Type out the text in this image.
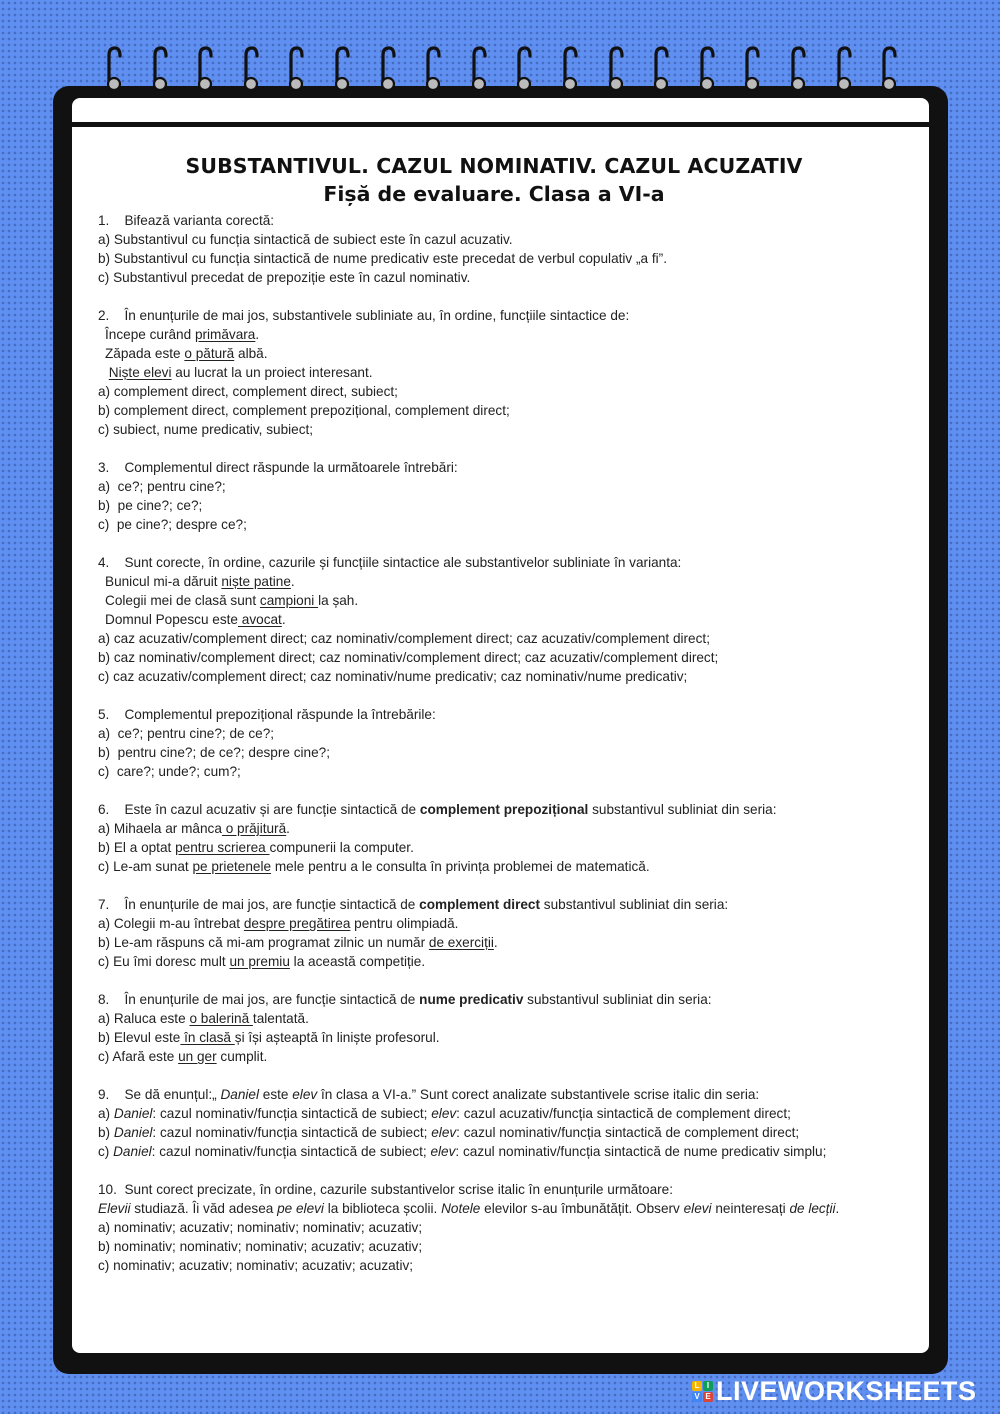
SUBSTANTIVUL. CAZUL NOMINATIV. CAZUL ACUZATIV
Fișă de evaluare. Clasa a VI-a
1.    Bifează varianta corectă:
a) Substantivul cu funcția sintactică de subiect este în cazul acuzativ.
b) Substantivul cu funcția sintactică de nume predicativ este precedat de verbul copulativ „a fi”.
c) Substantivul precedat de prepoziție este în cazul nominativ.
2.    În enunțurile de mai jos, substantivele subliniate au, în ordine, funcțiile sintactice de:
Începe curând primăvara.
Zăpada este o pătură albă.
Niște elevi au lucrat la un proiect interesant.
a) complement direct, complement direct, subiect;
b) complement direct, complement prepozițional, complement direct;
c) subiect, nume predicativ, subiect;
3.    Complementul direct răspunde la următoarele întrebări:
a)  ce?; pentru cine?;
b)  pe cine?; ce?;
c)  pe cine?; despre ce?;
4.    Sunt corecte, în ordine, cazurile și funcțiile sintactice ale substantivelor subliniate în varianta:
Bunicul mi-a dăruit niște patine.
Colegii mei de clasă sunt campioni la șah.
Domnul Popescu este avocat.
a) caz acuzativ/complement direct; caz nominativ/complement direct; caz acuzativ/complement direct;
b) caz nominativ/complement direct; caz nominativ/complement direct; caz acuzativ/complement direct;
c) caz acuzativ/complement direct; caz nominativ/nume predicativ; caz nominativ/nume predicativ;
5.    Complementul prepozițional răspunde la întrebările:
a)  ce?; pentru cine?; de ce?;
b)  pentru cine?; de ce?; despre cine?;
c)  care?; unde?; cum?;
6.    Este în cazul acuzativ și are funcție sintactică de complement prepozițional substantivul subliniat din seria:
a) Mihaela ar mânca o prăjitură.
b) El a optat pentru scrierea compunerii la computer.
c) Le-am sunat pe prietenele mele pentru a le consulta în privința problemei de matematică.
7.    În enunțurile de mai jos, are funcție sintactică de complement direct substantivul subliniat din seria:
a) Colegii m-au întrebat despre pregătirea pentru olimpiadă.
b) Le-am răspuns că mi-am programat zilnic un număr de exerciții.
c) Eu îmi doresc mult un premiu la această competiție.
8.    În enunțurile de mai jos, are funcție sintactică de nume predicativ substantivul subliniat din seria:
a) Raluca este o balerină talentată.
b) Elevul este în clasă și își așteaptă în liniște profesorul.
c) Afară este un ger cumplit.
9.    Se dă enunțul:„ Daniel este elev în clasa a VI-a.” Sunt corect analizate substantivele scrise italic din seria:
a) Daniel: cazul nominativ/funcția sintactică de subiect; elev: cazul acuzativ/funcția sintactică de complement direct;
b) Daniel: cazul nominativ/funcția sintactică de subiect; elev: cazul nominativ/funcția sintactică de complement direct;
c) Daniel: cazul nominativ/funcția sintactică de subiect; elev: cazul nominativ/funcția sintactică de nume predicativ simplu;
10.  Sunt corect precizate, în ordine, cazurile substantivelor scrise italic în enunțurile următoare:
Elevii studiază. Îi văd adesea pe elevi la biblioteca școlii. Notele elevilor s-au îmbunătățit. Observ elevi neinteresați de lecții.
a) nominativ; acuzativ; nominativ; nominativ; acuzativ;
b) nominativ; nominativ; nominativ; acuzativ; acuzativ;
c) nominativ; acuzativ; nominativ; acuzativ; acuzativ;
L I
V E LIVEWORKSHEETS
